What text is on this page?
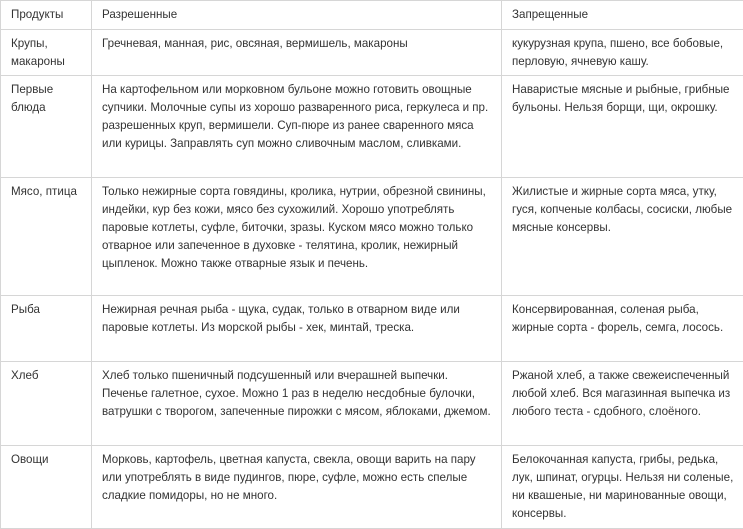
Продукты	Разрешенные	Запрещенные
Крупы, макароны	Гречневая, манная, рис, овсяная, вермишель, макароны	кукурузная крупа, пшено, все бобовые, перловую, ячневую кашу.
Первые блюда	На картофельном или морковном бульоне можно готовить овощные супчики. Молочные супы из хорошо разваренного риса, геркулеса и пр. разрешенных круп, вермишели. Суп-пюре из ранее сваренного мяса или курицы. Заправлять суп можно сливочным маслом, сливками.	Наваристые мясные и рыбные, грибные бульоны. Нельзя борщи, щи, окрошку.
Мясо, птица	Только нежирные сорта говядины, кролика, нутрии, обрезной свинины, индейки, кур без кожи, мясо без сухожилий. Хорошо употреблять паровые котлеты, суфле, биточки, зразы. Куском мясо можно только отварное или запеченное в духовке - телятина, кролик, нежирный цыпленок. Можно также отварные язык и печень.	Жилистые и жирные сорта мяса, утку, гуся, копченые колбасы, сосиски, любые мясные консервы.
Рыба	Нежирная речная рыба - щука, судак, только в отварном виде или паровые котлеты. Из морской рыбы - хек, минтай, треска.	Консервированная, соленая рыба, жирные сорта - форель, семга, лосось.
Хлеб	Хлеб только пшеничный подсушенный или вчерашней выпечки. Печенье галетное, сухое. Можно 1 раз в неделю несдобные булочки, ватрушки с творогом, запеченные пирожки с мясом, яблоками, джемом.	Ржаной хлеб, а также свежеиспеченный любой хлеб. Вся магазинная выпечка из любого теста - сдобного, слоёного.
Овощи	Морковь, картофель, цветная капуста, свекла, овощи варить на пару или употреблять в виде пудингов, пюре, суфле, можно есть спелые сладкие помидоры, но не много.	Белокочанная капуста, грибы, редька, лук, шпинат, огурцы. Нельзя ни соленые, ни квашеные, ни маринованные овощи, консервы.
